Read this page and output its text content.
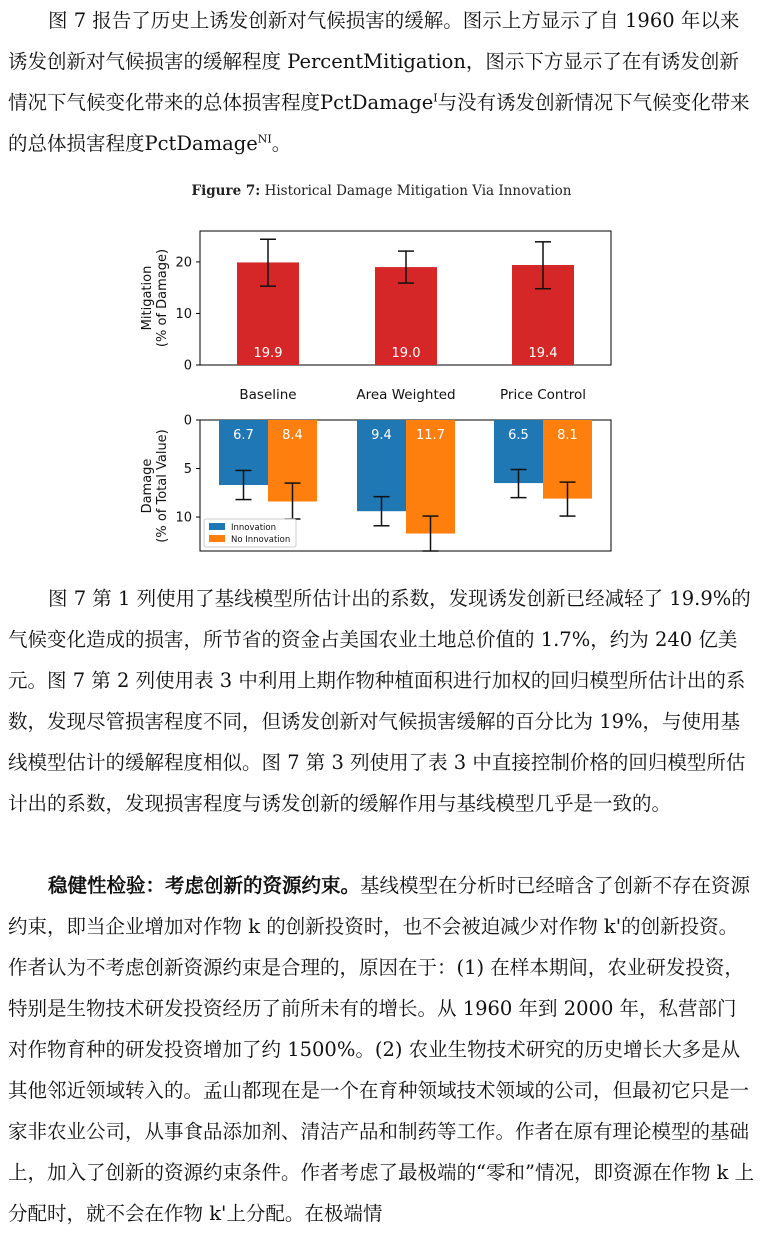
图 7 报告了历史上诱发创新对气候损害的缓解。图示上方显示了自 1960 年以来诱发创新对气候损害的缓解程度 PercentMitigation，图示下方显示了在有诱发创新情况下气候变化带来的总体损害程度PctDamage$^I$与没有诱发创新情况下气候变化带来的总体损害程度PctDamage$^{NI}$。

Figure 7: Historical Damage Mitigation Via Innovation
0
10
20
19.9	19.0	19.4
Mitigation (% of Damage)
Baseline	Area Weighted	Price Control
0
5
10
6.7	9.4	6.5
8.4	11.7	8.1
Damage (% of Total Value)	Innovation
No Innovation

图 7 第 1 列使用了基线模型所估计出的系数，发现诱发创新已经减轻了 19.9%的气候变化造成的损害，所节省的资金占美国农业土地总价值的 1.7%，约为 240 亿美元。图 7 第 2 列使用表 3 中利用上期作物种植面积进行加权的回归模型所估计出的系数，发现尽管损害程度不同，但诱发创新对气候损害缓解的百分比为 19%，与使用基线模型估计的缓解程度相似。图 7 第 3 列使用了表 3 中直接控制价格的回归模型所估计出的系数，发现损害程度与诱发创新的缓解作用与基线模型几乎是一致的。

稳健性检验：考虑创新的资源约束。基线模型在分析时已经暗含了创新不存在资源约束，即当企业增加对作物 k 的创新投资时，也不会被迫减少对作物 k'的创新投资。作者认为不考虑创新资源约束是合理的，原因在于：(1) 在样本期间，农业研发投资，特别是生物技术研发投资经历了前所未有的增长。从 1960 年到 2000 年，私营部门对作物育种的研发投资增加了约 1500%。(2) 农业生物技术研究的历史增长大多是从其他邻近领域转入的。孟山都现在是一个在育种领域技术领域的公司，但最初它只是一家非农业公司，从事食品添加剂、清洁产品和制药等工作。作者在原有理论模型的基础上，加入了创新的资源约束条件。作者考虑了最极端的“零和”情况，即资源在作物 k 上分配时，就不会在作物 k'上分配。在极端情
